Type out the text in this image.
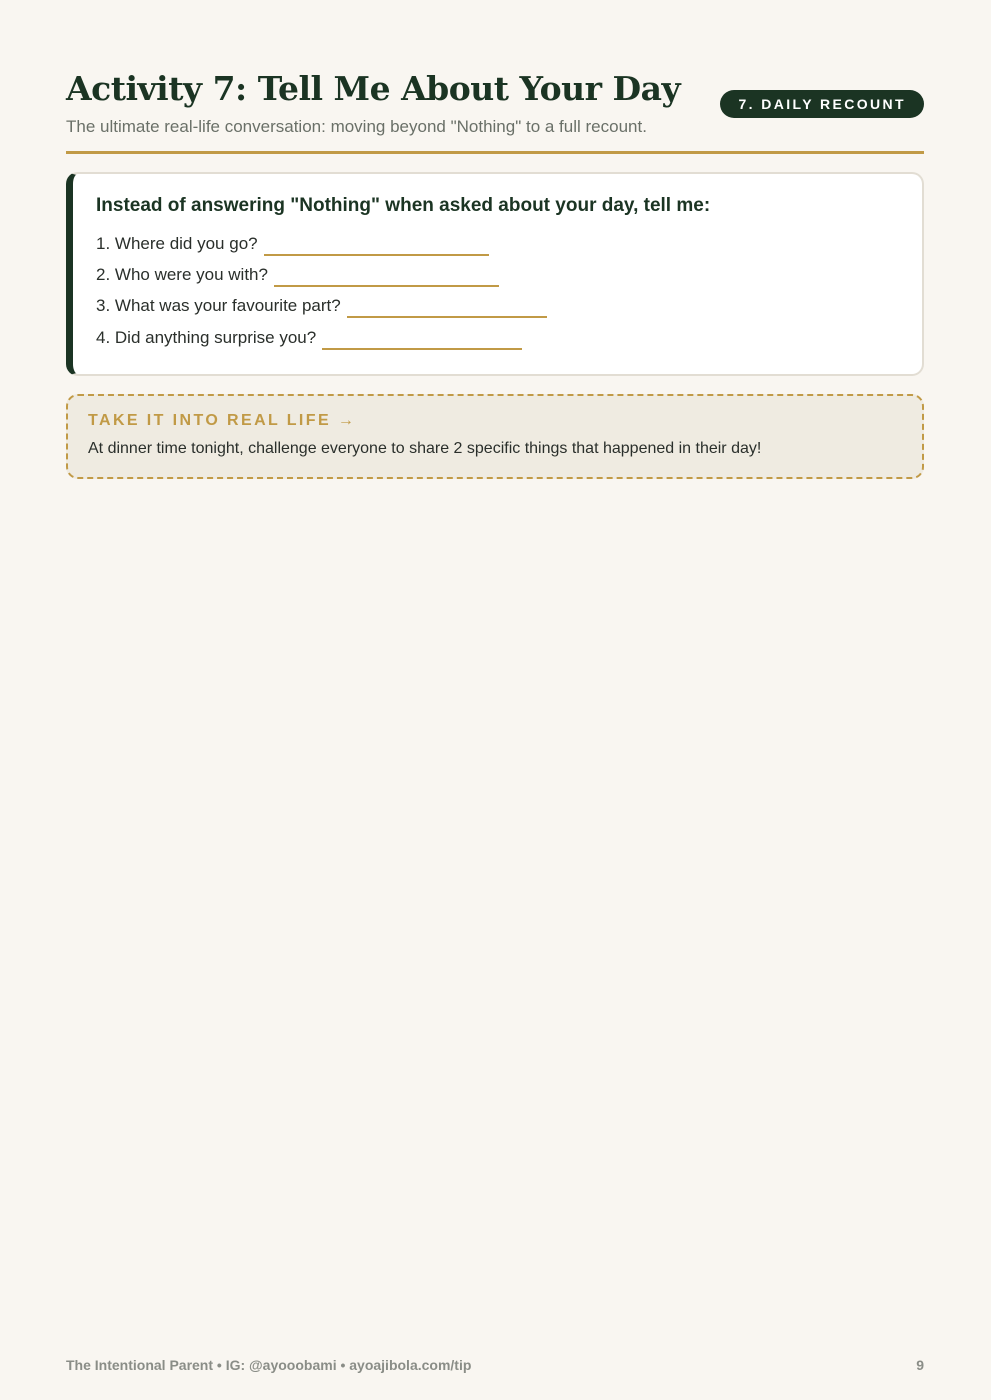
Activity 7: Tell Me About Your Day

The ultimate real-life conversation: moving beyond "Nothing" to a full recount.

7. DAILY RECOUNT
Instead of answering "Nothing" when asked about your day, tell me:
1. Where did you go?
2. Who were you with?
3. What was your favourite part?
4. Did anything surprise you?
TAKE IT INTO REAL LIFE →
At dinner time tonight, challenge everyone to share 2 specific things that happened in their day!
The Intentional Parent • IG: @ayooobami • ayoajibola.com/tip	9
